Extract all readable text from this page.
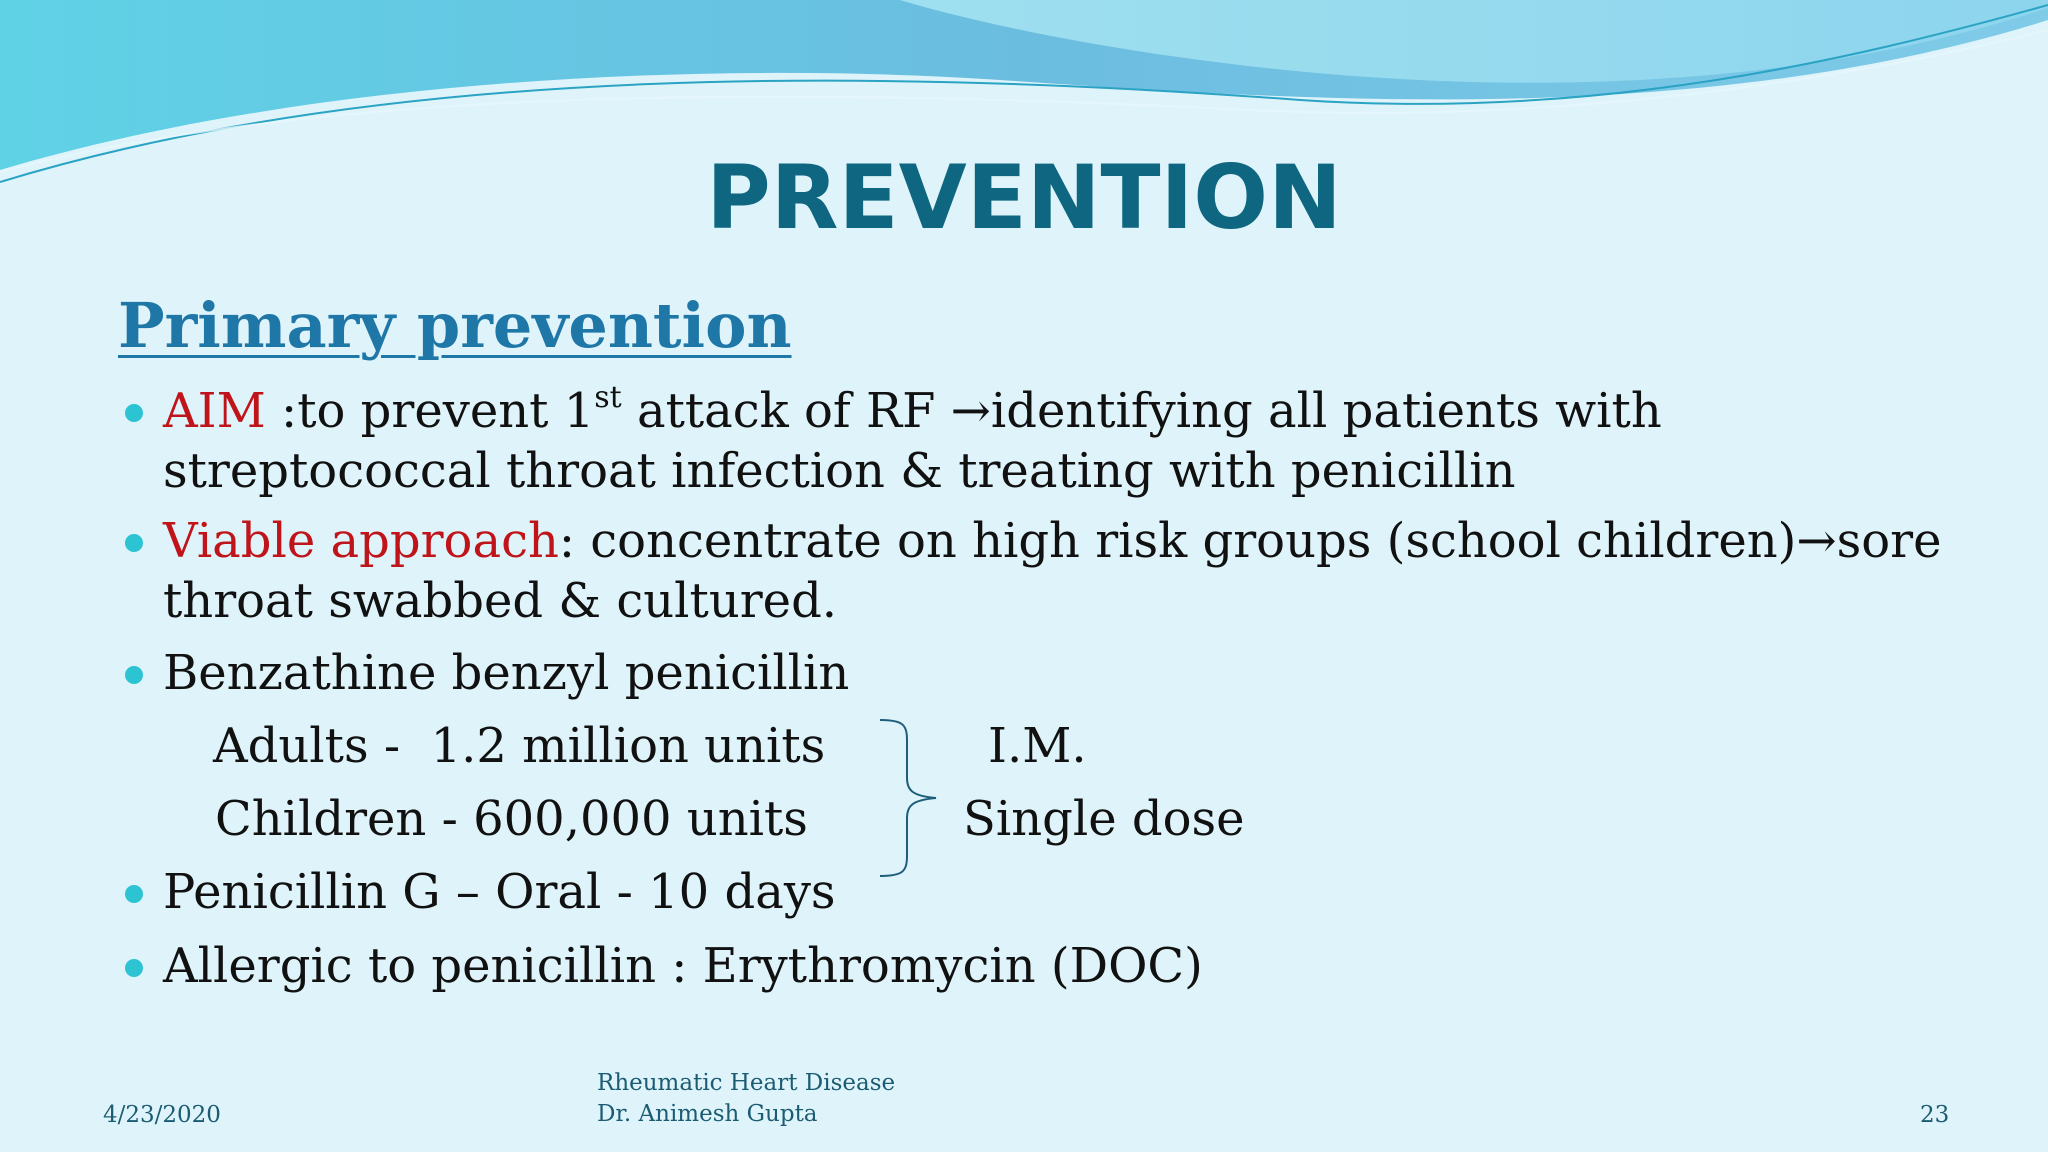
PREVENTION
Primary prevention
AIM :to prevent 1st attack of RF →identifying all patients with
streptococcal throat infection & treating with penicillin
Viable approach: concentrate on high risk groups (school children)→sore
throat swabbed & cultured.
Benzathine benzyl penicillin
Adults -  1.2 million units
Children - 600,000 units
I.M.
Single dose
Penicillin G – Oral - 10 days
Allergic to penicillin : Erythromycin (DOC)
4/23/2020
Rheumatic Heart Disease
Dr. Animesh Gupta	23
